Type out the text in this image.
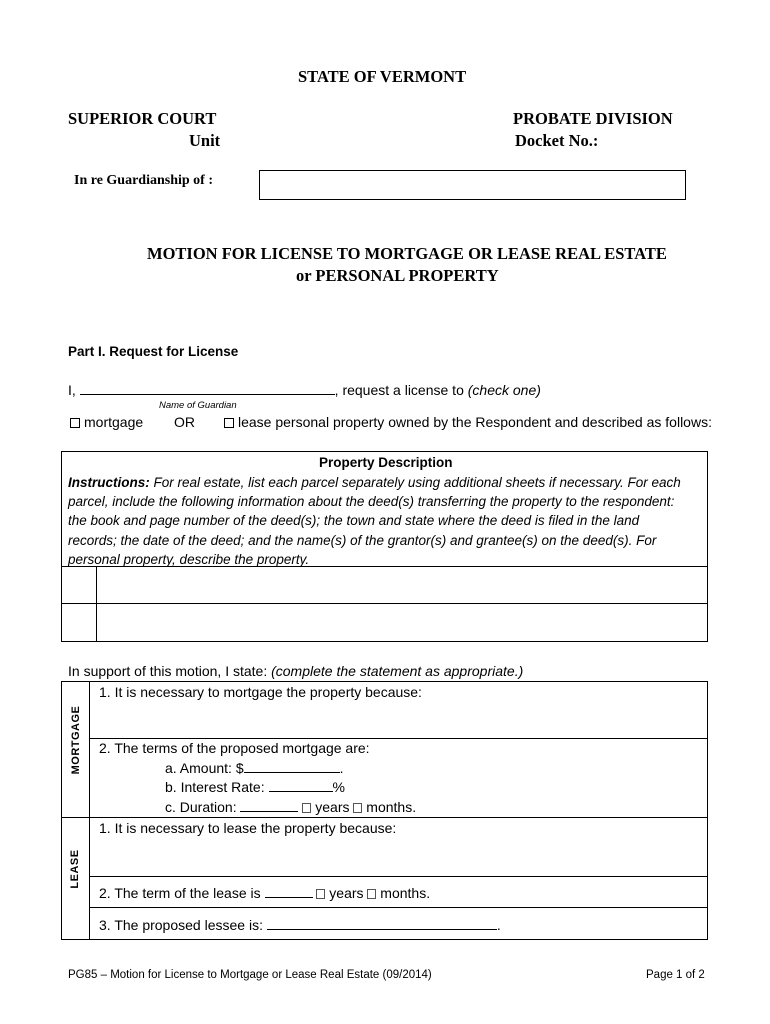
STATE OF VERMONT
SUPERIOR COURT
Unit
PROBATE DIVISION
Docket No.:
In re Guardianship of :
MOTION FOR LICENSE TO MORTGAGE OR LEASE REAL ESTATE
or PERSONAL PROPERTY
Part I. Request for License
I,	, request a license to (check one)
Name of Guardian
mortgage OR	lease personal property owned by the Respondent and described as follows:
Property Description
Instructions: For real estate, list each parcel separately using additional sheets if necessary. For each
parcel, include the following information about the deed(s) transferring the property to the respondent:
the book and page number of the deed(s); the town and state where the deed is filed in the land
records; the date of the deed; and the name(s) of the grantor(s) and grantee(s) on the deed(s). For
personal property, describe the property.
In support of this motion, I state: (complete the statement as appropriate.)
MORTGAGE
LEASE
1. It is necessary to mortgage the property because:
2. The terms of the proposed mortgage are:
a. Amount: $	.
b. Interest Rate:	%
c. Duration:	years months.
1. It is necessary to lease the property because:
2. The term of the lease is	years months.
3. The proposed lessee is:	.
PG85 – Motion for License to Mortgage or Lease Real Estate (09/2014)	Page 1 of 2
